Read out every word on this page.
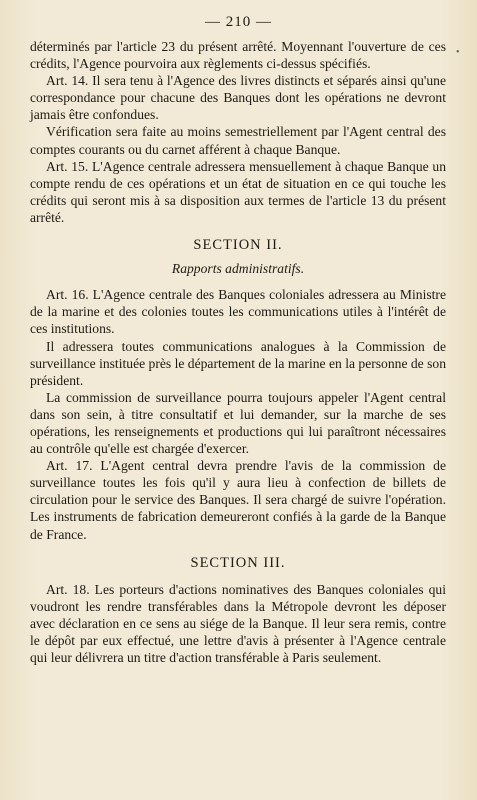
— 210 —
•

déterminés par l'article 23 du présent arrêté. Moyennant l'ouverture de ces crédits, l'Agence pourvoira aux règlements ci-dessus spécifiés.

Art. 14. Il sera tenu à l'Agence des livres distincts et séparés ainsi qu'une correspondance pour chacune des Banques dont les opérations ne devront jamais être confondues.

Vérification sera faite au moins semestriellement par l'Agent central des comptes courants ou du carnet afférent à chaque Banque.

Art. 15. L'Agence centrale adressera mensuellement à chaque Banque un compte rendu de ces opérations et un état de situation en ce qui touche les crédits qui seront mis à sa disposition aux termes de l'article 13 du présent arrêté.

SECTION II.
Rapports administratifs.

Art. 16. L'Agence centrale des Banques coloniales adressera au Ministre de la marine et des colonies toutes les communications utiles à l'intérêt de ces institutions.

Il adressera toutes communications analogues à la Commission de surveillance instituée près le département de la marine en la personne de son président.

La commission de surveillance pourra toujours appeler l'Agent central dans son sein, à titre consultatif et lui demander, sur la marche de ses opérations, les renseignements et productions qui lui paraîtront nécessaires au contrôle qu'elle est chargée d'exercer.

Art. 17. L'Agent central devra prendre l'avis de la commission de surveillance toutes les fois qu'il y aura lieu à confection de billets de circulation pour le service des Banques. Il sera chargé de suivre l'opération. Les instruments de fabrication demeureront confiés à la garde de la Banque de France.

SECTION III.

Art. 18. Les porteurs d'actions nominatives des Banques coloniales qui voudront les rendre transférables dans la Métropole devront les déposer avec déclaration en ce sens au siége de la Banque. Il leur sera remis, contre le dépôt par eux effectué, une lettre d'avis à présenter à l'Agence centrale qui leur délivrera un titre d'action transférable à Paris seulement.
